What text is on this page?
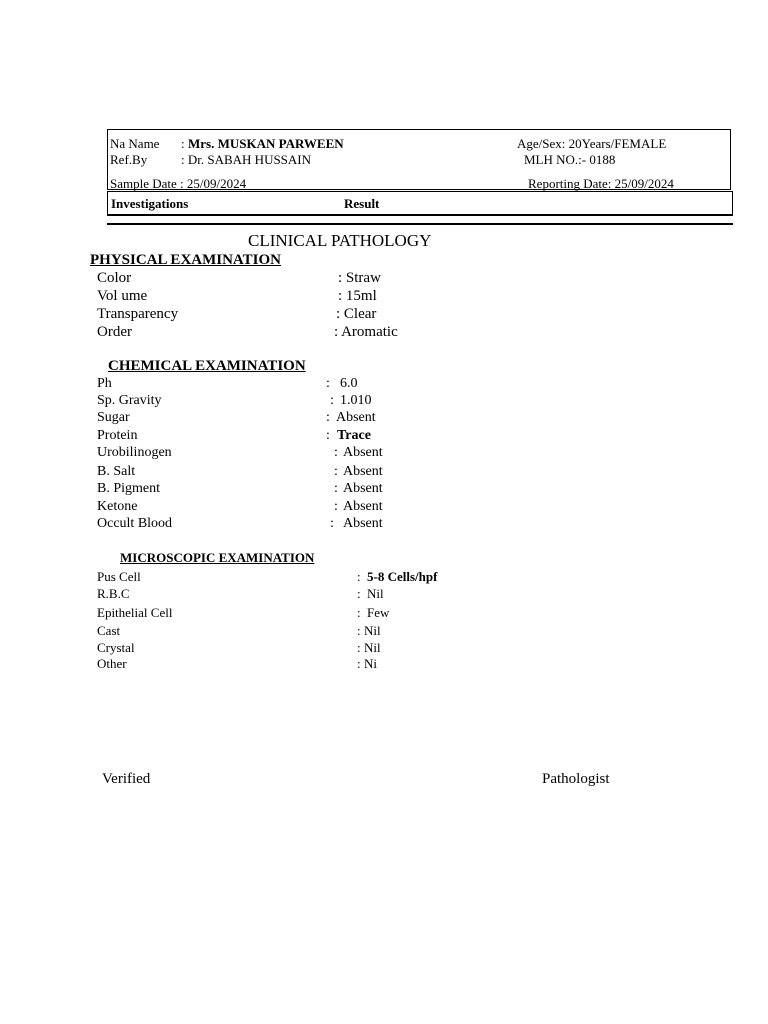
Na Name : Mrs. MUSKAN PARWEEN	Age/Sex: 20Years/FEMALE
Ref.By	: Dr. SABAH HUSSAIN	MLH NO.:- 0188
Sample Date : 25/09/2024	Reporting Date: 25/09/2024
Investigations	Result
CLINICAL PATHOLOGY
PHYSICAL EXAMINATION
Color	: Straw
Vol ume	: 15ml
Transparency	: Clear
Order	: Aromatic
CHEMICAL EXAMINATION
Ph	: 6.0
Sp. Gravity	: 1.010
Sugar	: Absent
Protein	: Trace
Urobilinogen	: Absent
B. Salt	: Absent
B. Pigment	: Absent
Ketone	: Absent
Occult Blood	: Absent
MICROSCOPIC EXAMINATION
Pus Cell	: 5-8 Cells/hpf
R.B.C	: Nil
Epithelial Cell	: Few
Cast	: Nil
Crystal	: Nil
Other	: Ni
Verified	Pathologist
